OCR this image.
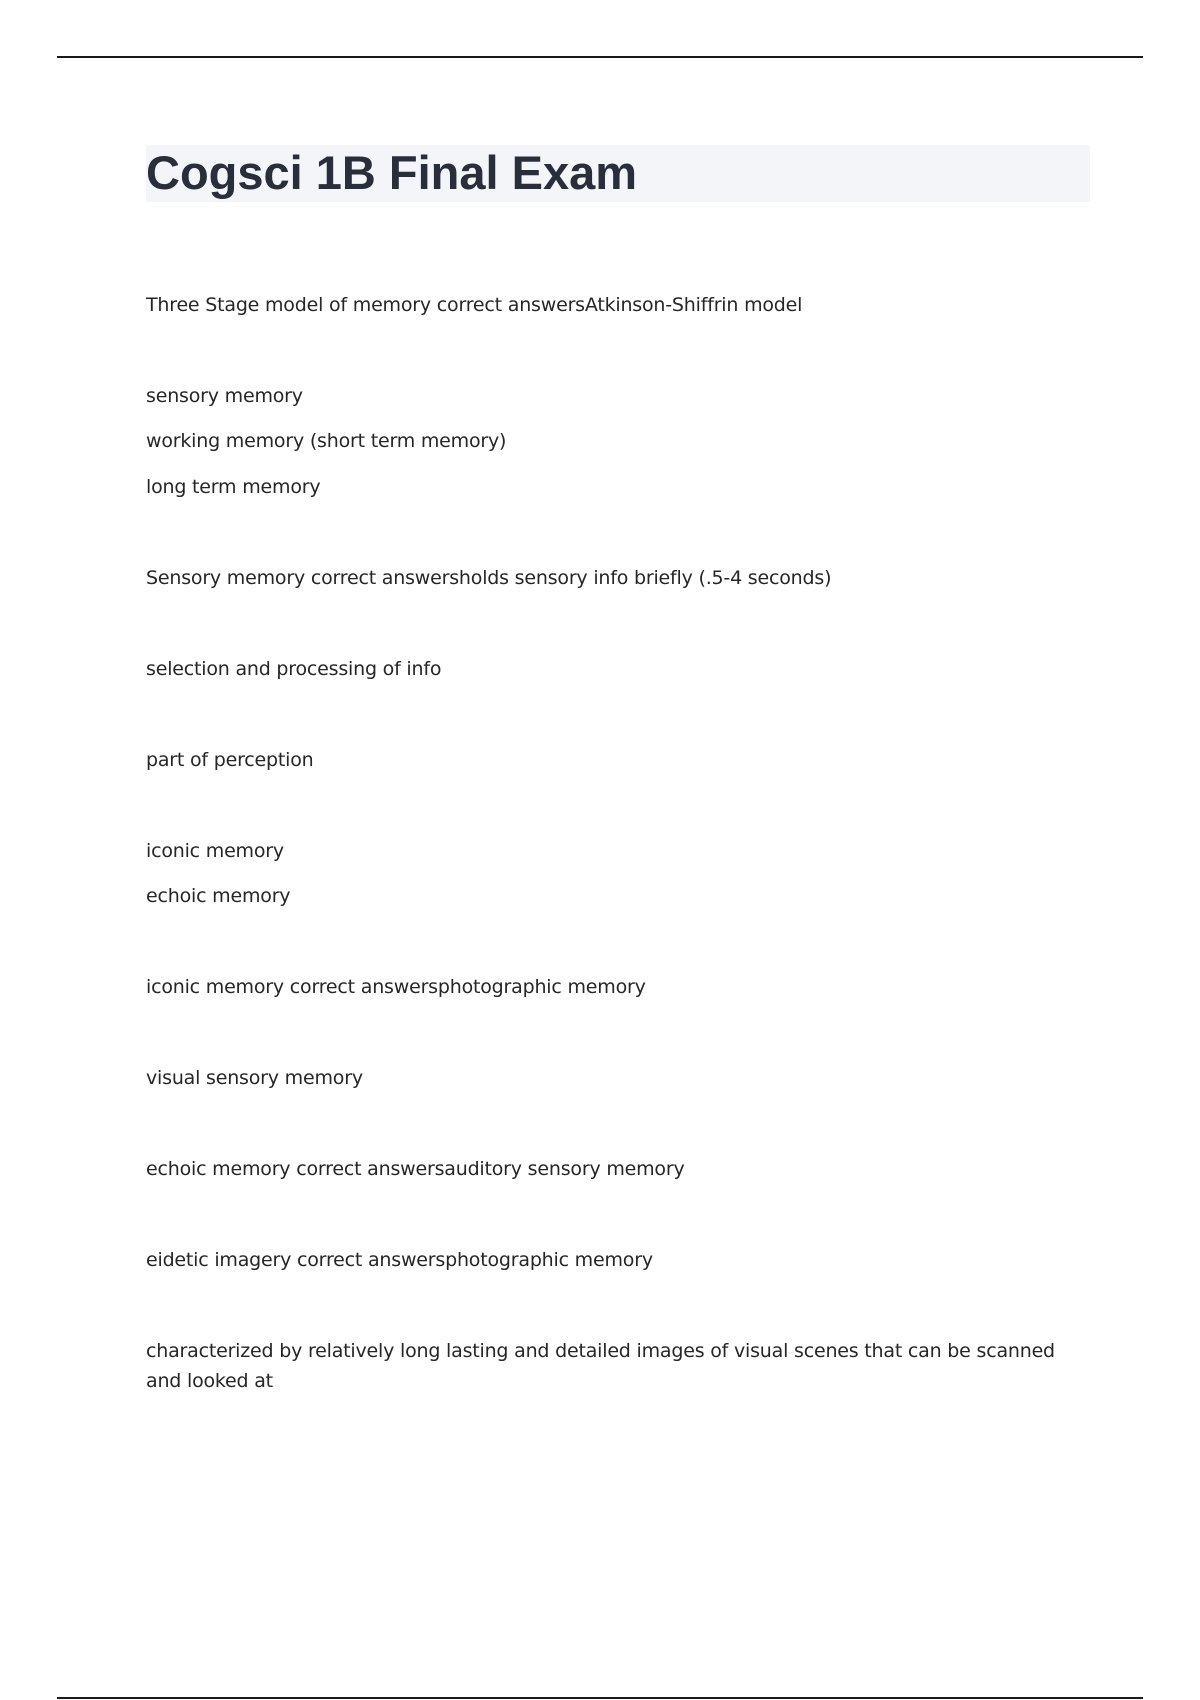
Cogsci 1B Final Exam

Three Stage model of memory correct answersAtkinson-Shiffrin model

sensory memory

working memory (short term memory)

long term memory

Sensory memory correct answersholds sensory info briefly (.5-4 seconds)

selection and processing of info

part of perception

iconic memory

echoic memory

iconic memory correct answersphotographic memory

visual sensory memory

echoic memory correct answersauditory sensory memory

eidetic imagery correct answersphotographic memory

characterized by relatively long lasting and detailed images of visual scenes that can be scanned and looked at
